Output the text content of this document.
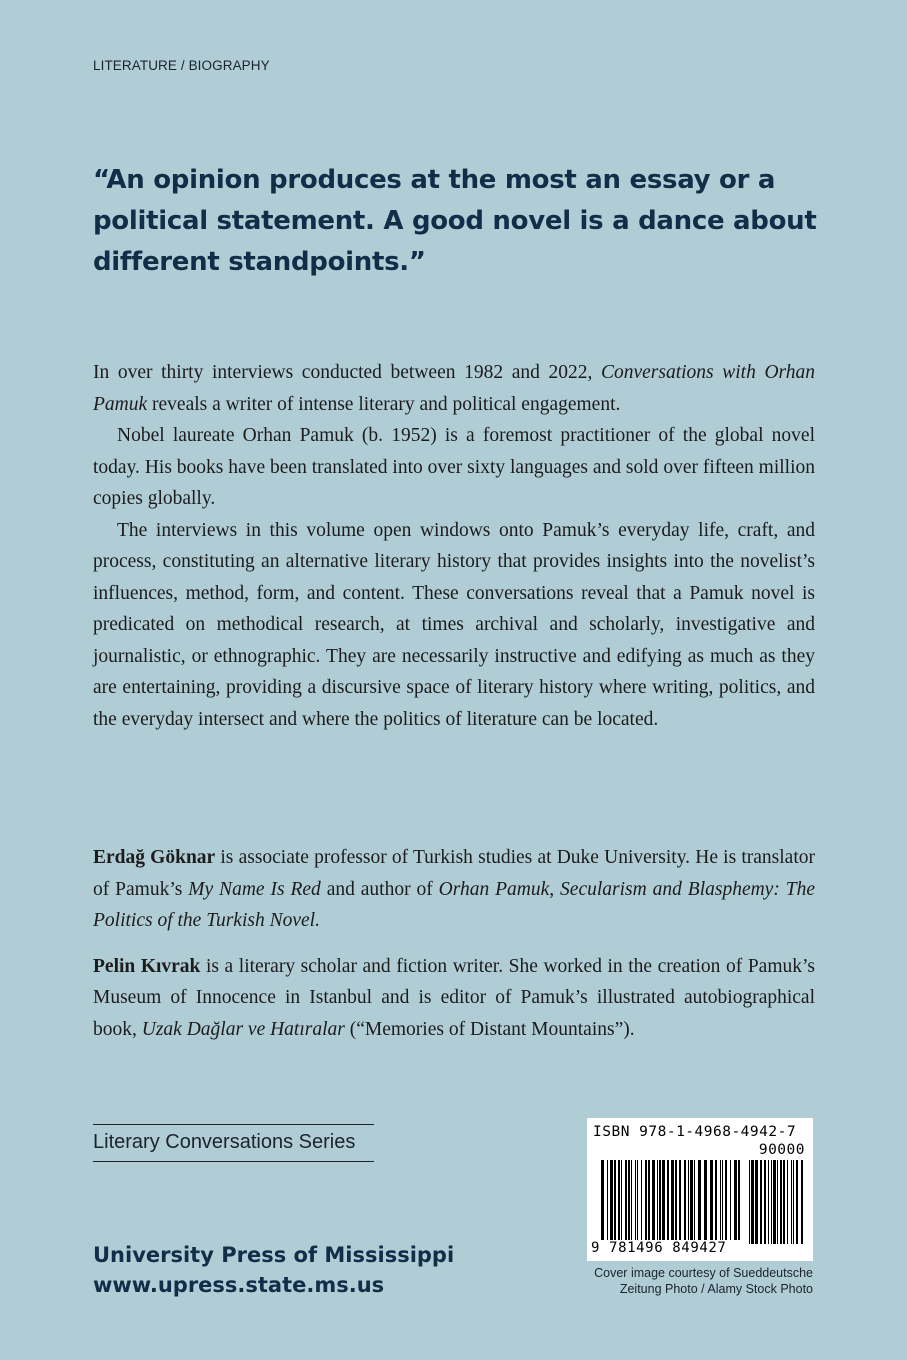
LITERATURE / BIOGRAPHY

“An opinion produces at the most an essay or a

political statement. A good novel is a dance about

different standpoints.”

In over thirty interviews conducted between 1982 and 2022, Conversations with Orhan Pamuk reveals a writer of intense literary and political engagement.

Nobel laureate Orhan Pamuk (b. 1952) is a foremost practitioner of the global novel today. His books have been translated into over sixty languages and sold over fifteen million copies globally.

The interviews in this volume open windows onto Pamuk’s everyday life, craft, and process, constituting an alternative literary history that provides insights into the novelist’s influences, method, form, and content. These conversations reveal that a Pamuk novel is predicated on methodical research, at times archival and scholarly, investigative and journalistic, or ethnographic. They are necessarily instructive and edifying as much as they are entertaining, providing a discursive space of literary history where writing, politics, and the everyday intersect and where the politics of literature can be located.

Erdağ Göknar is associate professor of Turkish studies at Duke University. He is translator of Pamuk’s My Name Is Red and author of Orhan Pamuk, Secularism and Blasphemy: The Politics of the Turkish Novel.

Pelin Kıvrak is a literary scholar and fiction writer. She worked in the creation of Pamuk’s Museum of Innocence in Istanbul and is editor of Pamuk’s illustrated autobiographical book, Uzak Dağlar ve Hatıralar (“Memories of Distant Mountains”).

Literary Conversations Series
University Press of Mississippi
www.upress.state.ms.us
ISBN 978-1-4968-4942-7
90000
9 781496 849427
Cover image courtesy of Sueddeutsche
Zeitung Photo / Alamy Stock Photo
